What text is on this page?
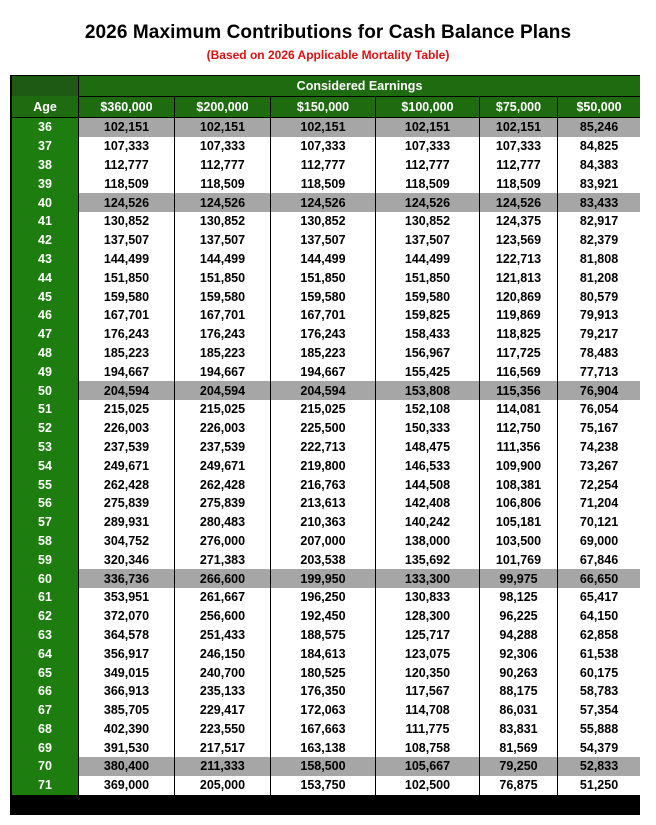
2026 Maximum Contributions for Cash Balance Plans
(Based on 2026 Applicable Mortality Table)
	Considered Earnings					
Age	$360,000	$200,000	$150,000	$100,000	$75,000	$50,000

36	102,151	102,151	102,151	102,151	102,151	85,246
37	107,333	107,333	107,333	107,333	107,333	84,825
38	112,777	112,777	112,777	112,777	112,777	84,383
39	118,509	118,509	118,509	118,509	118,509	83,921
40	124,526	124,526	124,526	124,526	124,526	83,433
41	130,852	130,852	130,852	130,852	124,375	82,917
42	137,507	137,507	137,507	137,507	123,569	82,379
43	144,499	144,499	144,499	144,499	122,713	81,808
44	151,850	151,850	151,850	151,850	121,813	81,208
45	159,580	159,580	159,580	159,580	120,869	80,579
46	167,701	167,701	167,701	159,825	119,869	79,913
47	176,243	176,243	176,243	158,433	118,825	79,217
48	185,223	185,223	185,223	156,967	117,725	78,483
49	194,667	194,667	194,667	155,425	116,569	77,713
50	204,594	204,594	204,594	153,808	115,356	76,904
51	215,025	215,025	215,025	152,108	114,081	76,054
52	226,003	226,003	225,500	150,333	112,750	75,167
53	237,539	237,539	222,713	148,475	111,356	74,238
54	249,671	249,671	219,800	146,533	109,900	73,267
55	262,428	262,428	216,763	144,508	108,381	72,254
56	275,839	275,839	213,613	142,408	106,806	71,204
57	289,931	280,483	210,363	140,242	105,181	70,121
58	304,752	276,000	207,000	138,000	103,500	69,000
59	320,346	271,383	203,538	135,692	101,769	67,846
60	336,736	266,600	199,950	133,300	99,975	66,650
61	353,951	261,667	196,250	130,833	98,125	65,417
62	372,070	256,600	192,450	128,300	96,225	64,150
63	364,578	251,433	188,575	125,717	94,288	62,858
64	356,917	246,150	184,613	123,075	92,306	61,538
65	349,015	240,700	180,525	120,350	90,263	60,175
66	366,913	235,133	176,350	117,567	88,175	58,783
67	385,705	229,417	172,063	114,708	86,031	57,354
68	402,390	223,550	167,663	111,775	83,831	55,888
69	391,530	217,517	163,138	108,758	81,569	54,379
70	380,400	211,333	158,500	105,667	79,250	52,833
71	369,000	205,000	153,750	102,500	76,875	51,250
